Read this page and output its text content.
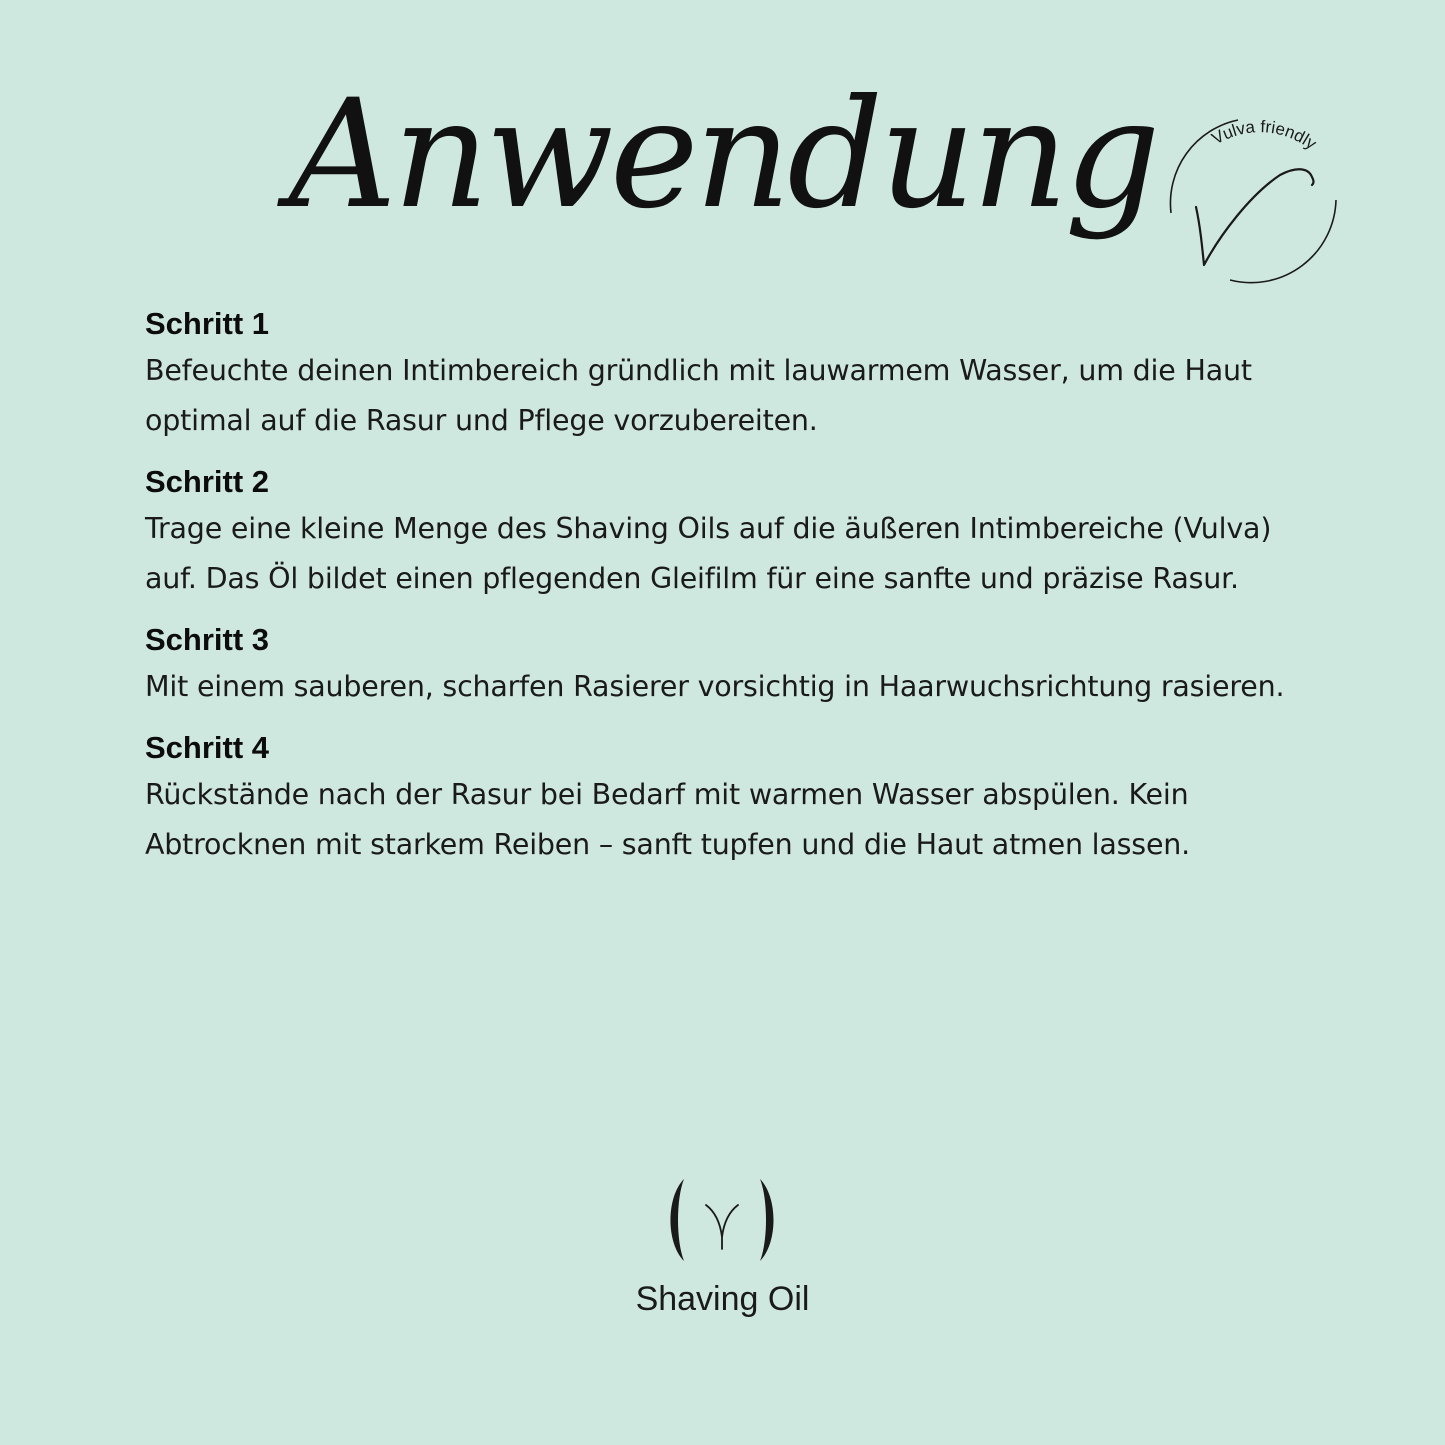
Anwendung	Vulva friendly
Schritt 1
Befeuchte deinen Intimbereich gründlich mit lauwarmem Wasser, um die Haut optimal auf die Rasur und Pflege vorzubereiten.
Schritt 2
Trage eine kleine Menge des Shaving Oils auf die äußeren Intimbereiche (Vulva) auf. Das Öl bildet einen pflegenden Gleifilm für eine sanfte und präzise Rasur.
Schritt 3
Mit einem sauberen, scharfen Rasierer vorsichtig in Haarwuchsrichtung rasieren.
Schritt 4
Rückstände nach der Rasur bei Bedarf mit warmen Wasser abspülen. Kein Abtrocknen mit starkem Reiben – sanft tupfen und die Haut atmen lassen.
Shaving Oil
